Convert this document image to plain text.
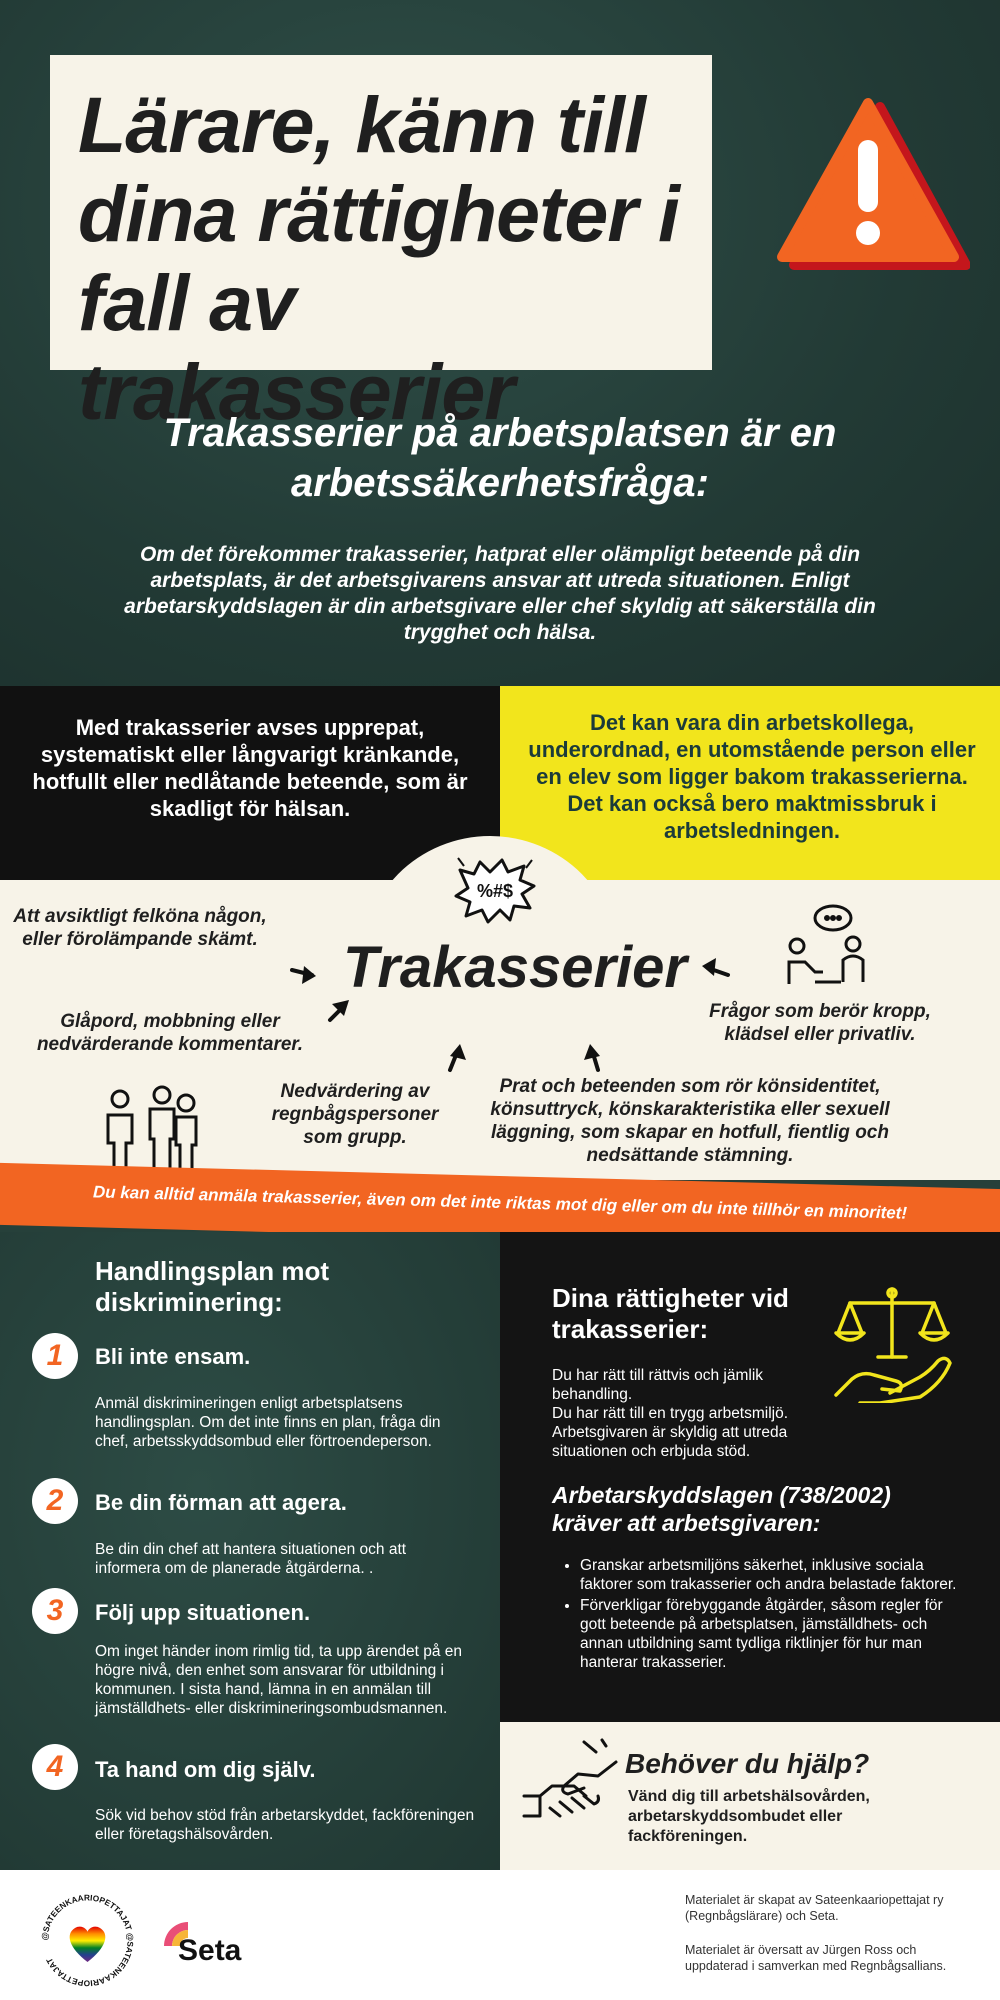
Lärare, känn till dina rättigheter i fall av trakasserier
Trakasserier på arbetsplatsen är en arbetssäkerhetsfråga:
Om det förekommer trakasserier, hatprat eller olämpligt beteende på din arbetsplats, är det arbetsgivarens ansvar att utreda situationen. Enligt arbetarskyddslagen är din arbetsgivare eller chef skyldig att säkerställa din trygghet och hälsa.
Med trakasserier avses upprepat, systematiskt eller långvarigt kränkande, hotfullt eller nedlåtande beteende, som är skadligt för hälsan.
Det kan vara din arbetskollega, underordnad, en utomstående person eller en elev som ligger bakom trakasserierna. Det kan också bero maktmissbruk i arbetsledningen.
%#$
Trakasserier
Att avsiktligt felköna någon, eller förolämpande skämt.
Glåpord, mobbning eller nedvärderande kommentarer.
Nedvärdering av regnbågspersoner som grupp.
Prat och beteenden som rör könsidentitet, könsuttryck, könskarakteristika eller sexuell läggning, som skapar en hotfull, fientlig och nedsättande stämning.
Frågor som berör kropp, klädsel eller privatliv.
Du kan alltid anmäla trakasserier, även om det inte riktas mot dig eller om du inte tillhör en minoritet!
Handlingsplan mot diskriminering:
1	Bli inte ensam.
Anmäl diskrimineringen enligt arbetsplatsens handlingsplan. Om det inte finns en plan, fråga din chef, arbetsskyddsombud eller förtroendeperson.
2	Be din förman att agera.
Be din din chef att hantera situationen och att informera om de planerade åtgärderna. .
3	Följ upp situationen.
Om inget händer inom rimlig tid, ta upp ärendet på en högre nivå, den enhet som ansvarar för utbildning i kommunen. I sista hand, lämna in en anmälan till jämställdhets- eller diskrimineringsombudsmannen.
4	Ta hand om dig själv.
Sök vid behov stöd från arbetarskyddet, fackföreningen eller företagshälsovården.
Dina rättigheter vid trakasserier:
Du har rätt till rättvis och jämlik behandling.
Du har rätt till en trygg arbetsmiljö. Arbetsgivaren är skyldig att utreda situationen och erbjuda stöd.
Arbetarskyddslagen (738/2002) kräver att arbetsgivaren:
• Granskar arbetsmiljöns säkerhet, inklusive sociala faktorer som trakasserier och andra belastade faktorer.
• Förverkligar förebyggande åtgärder, såsom regler för gott beteende på arbetsplatsen, jämställdhets- och annan utbildning samt tydliga riktlinjer för hur man hanterar trakasserier.
Behöver du hjälp?
Vänd dig till arbetshälsovården, arbetarskyddsombudet eller fackföreningen.
@SATEENKAARIOPETTAJAT @SATEENKAARIOPETTAJAT	Seta
Materialet är skapat av Sateenkaariopettajat ry (Regnbågslärare) och Seta.
Materialet är översatt av Jürgen Ross och uppdaterad i samverkan med Regnbågsallians.
